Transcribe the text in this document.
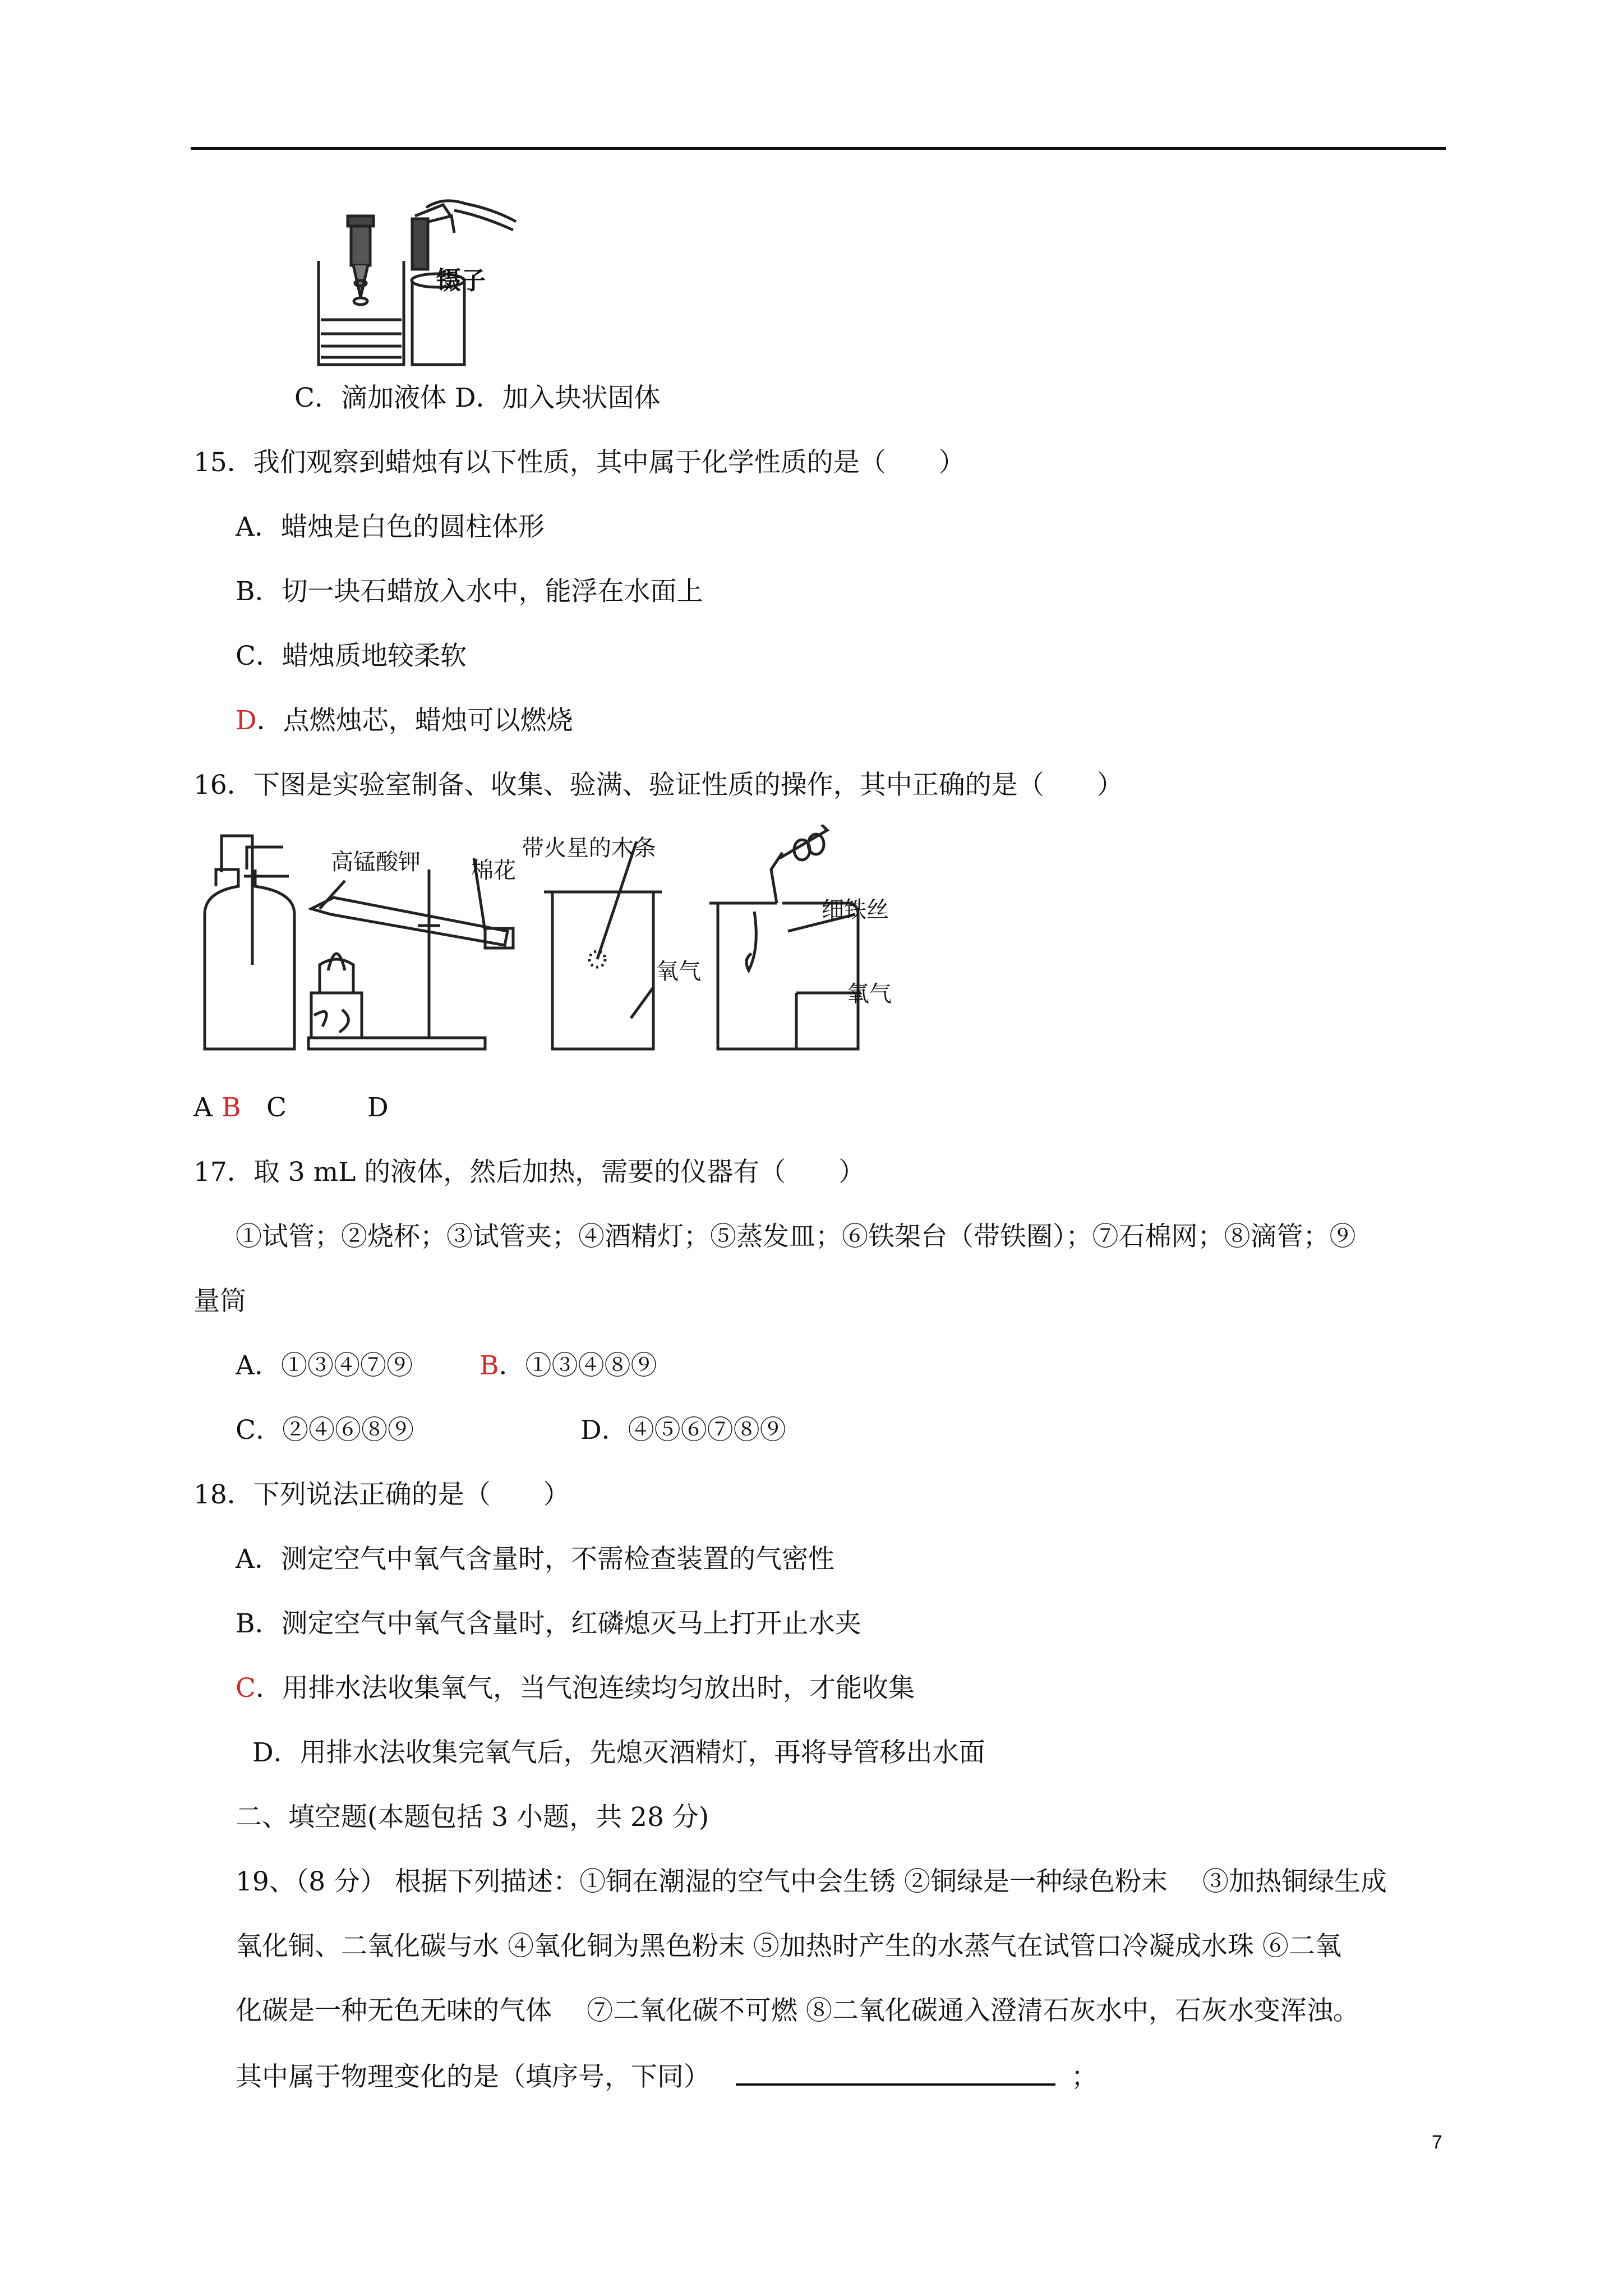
镊子
C．滴加液体 D．加入块状固体
15．我们观察到蜡烛有以下性质，其中属于化学性质的是（　　）
A．蜡烛是白色的圆柱体形
B．切一块石蜡放入水中，能浮在水面上
C．蜡烛质地较柔软
D．点燃烛芯，蜡烛可以燃烧
16．下图是实验室制备、收集、验满、验证性质的操作，其中正确的是（　　）
高锰酸钾 棉花
带火星的木条
氧气
细铁丝
氧气
A B C	D
17．取 3 mL 的液体，然后加热，需要的仪器有（　　）
①试管；②烧杯；③试管夹；④酒精灯；⑤蒸发皿；⑥铁架台（带铁圈）；⑦石棉网；⑧滴管；⑨
量筒
A．①③④⑦⑨	B．①③④⑧⑨
C．②④⑥⑧⑨	D．④⑤⑥⑦⑧⑨
18．下列说法正确的是（　　）
A．测定空气中氧气含量时，不需检查装置的气密性
B．测定空气中氧气含量时，红磷熄灭马上打开止水夹
C．用排水法收集氧气，当气泡连续均匀放出时，才能收集
D．用排水法收集完氧气后，先熄灭酒精灯，再将导管移出水面
二、填空题(本题包括 3 小题，共 28 分)
19、（8 分） 根据下列描述：①铜在潮湿的空气中会生锈 ②铜绿是一种绿色粉末　 ③加热铜绿生成
氧化铜、二氧化碳与水 ④氧化铜为黑色粉末 ⑤加热时产生的水蒸气在试管口冷凝成水珠 ⑥二氧
化碳是一种无色无味的气体　 ⑦二氧化碳不可燃 ⑧二氧化碳通入澄清石灰水中，石灰水变浑浊。
其中属于物理变化的是（填序号，下同）	；
7
